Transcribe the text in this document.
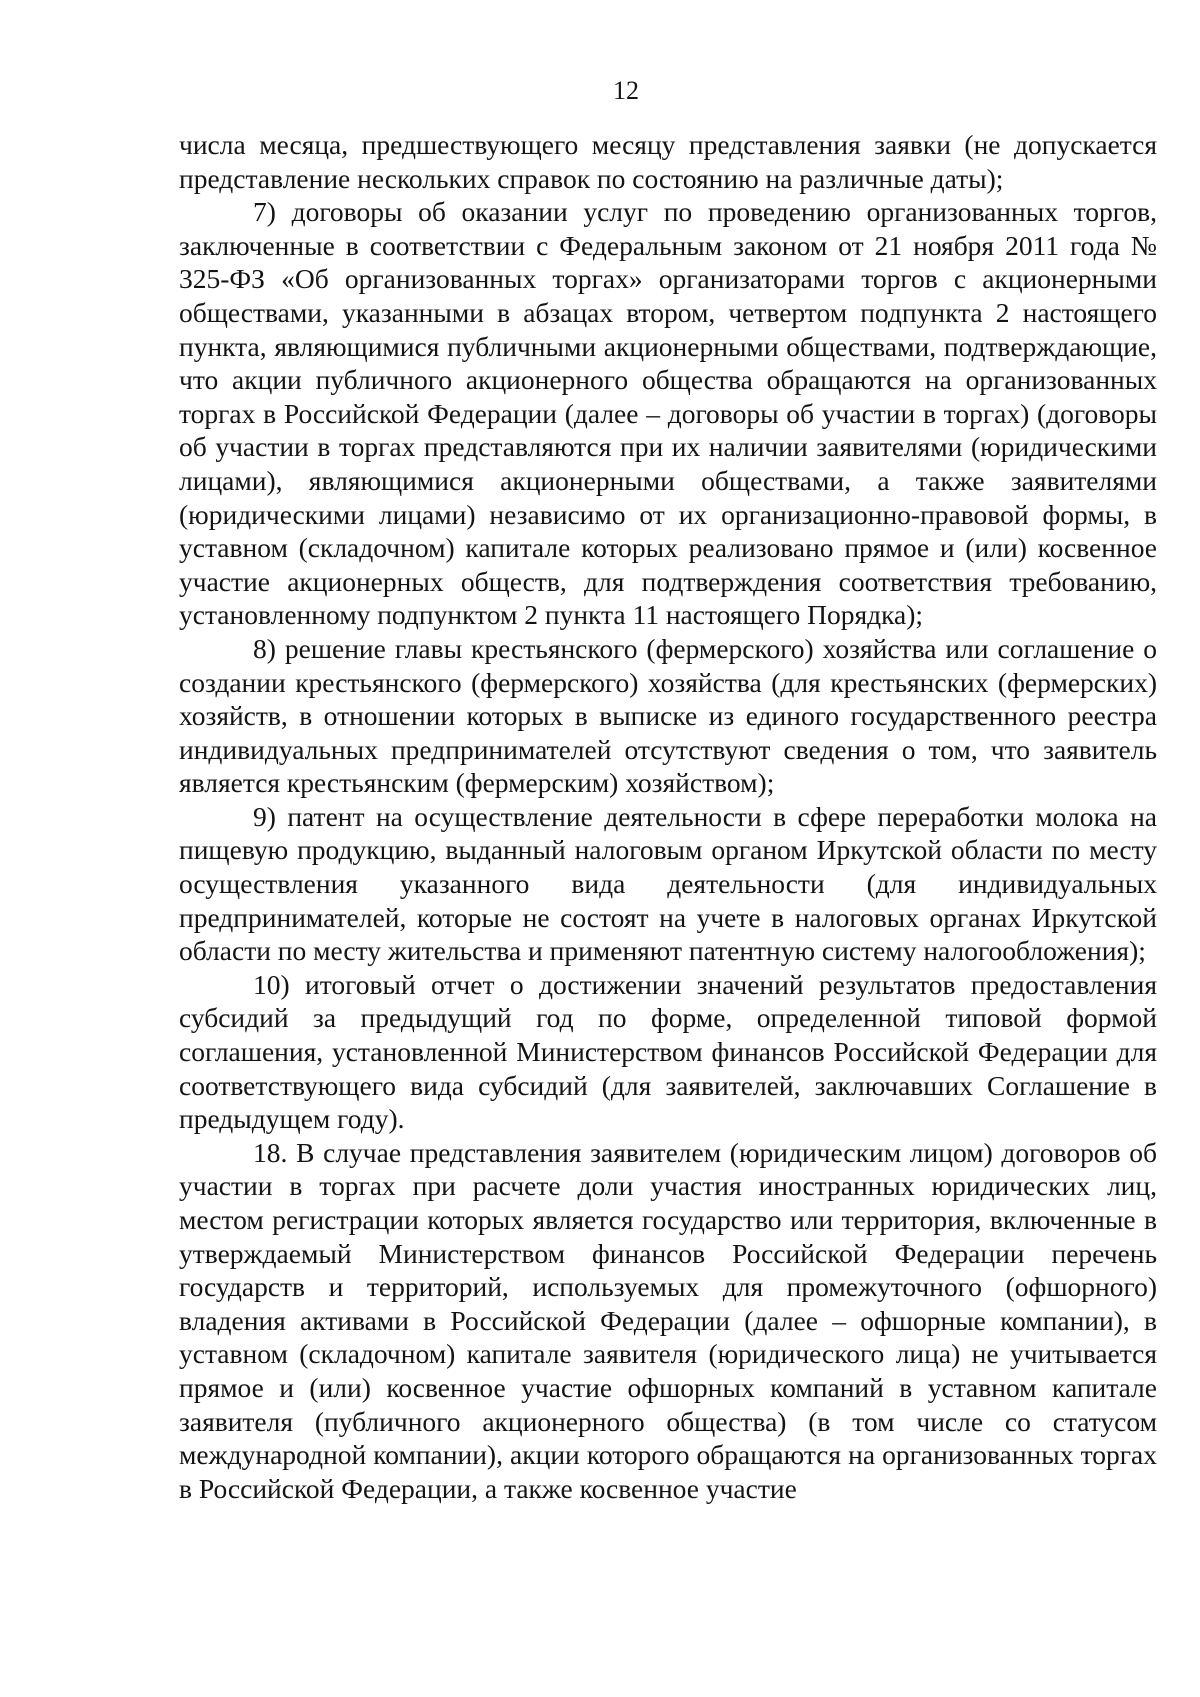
12

числа месяца, предшествующего месяцу представления заявки (не допускается представление нескольких справок по состоянию на различные даты);

7) договоры об оказании услуг по проведению организованных торгов, заключенные в соответствии с Федеральным законом от 21 ноября 2011 года № 325-ФЗ «Об организованных торгах» организаторами торгов с акционерными обществами, указанными в абзацах втором, четвертом подпункта 2 настоящего пункта, являющимися публичными акционерными обществами, подтверждающие, что акции публичного акционерного общества обращаются на организованных торгах в Российской Федерации (далее – договоры об участии в торгах) (договоры об участии в торгах представляются при их наличии заявителями (юридическими лицами), являющимися акционерными обществами, а также заявителями (юридическими лицами) независимо от их организационно-правовой формы, в уставном (складочном) капитале которых реализовано прямое и (или) косвенное участие акционерных обществ, для подтверждения соответствия требованию, установленному подпунктом 2 пункта 11 настоящего Порядка);

8) решение главы крестьянского (фермерского) хозяйства или соглашение о создании крестьянского (фермерского) хозяйства (для крестьянских (фермерских) хозяйств, в отношении которых в выписке из единого государственного реестра индивидуальных предпринимателей отсутствуют сведения о том, что заявитель является крестьянским (фермерским) хозяйством);

9) патент на осуществление деятельности в сфере переработки молока на пищевую продукцию, выданный налоговым органом Иркутской области по месту осуществления указанного вида деятельности (для индивидуальных предпринимателей, которые не состоят на учете в налоговых органах Иркутской области по месту жительства и применяют патентную систему налогообложения);

10) итоговый отчет о достижении значений результатов предоставления субсидий за предыдущий год по форме, определенной типовой формой соглашения, установленной Министерством финансов Российской Федерации для соответствующего вида субсидий (для заявителей, заключавших Соглашение в предыдущем году).

18. В случае представления заявителем (юридическим лицом) договоров об участии в торгах при расчете доли участия иностранных юридических лиц, местом регистрации которых является государство или территория, включенные в утверждаемый Министерством финансов Российской Федерации перечень государств и территорий, используемых для промежуточного (офшорного) владения активами в Российской Федерации (далее – офшорные компании), в уставном (складочном) капитале заявителя (юридического лица) не учитывается прямое и (или) косвенное участие офшорных компаний в уставном капитале заявителя (публичного акционерного общества) (в том числе со статусом международной компании), акции которого обращаются на организованных торгах в Российской Федерации, а также косвенное участие
